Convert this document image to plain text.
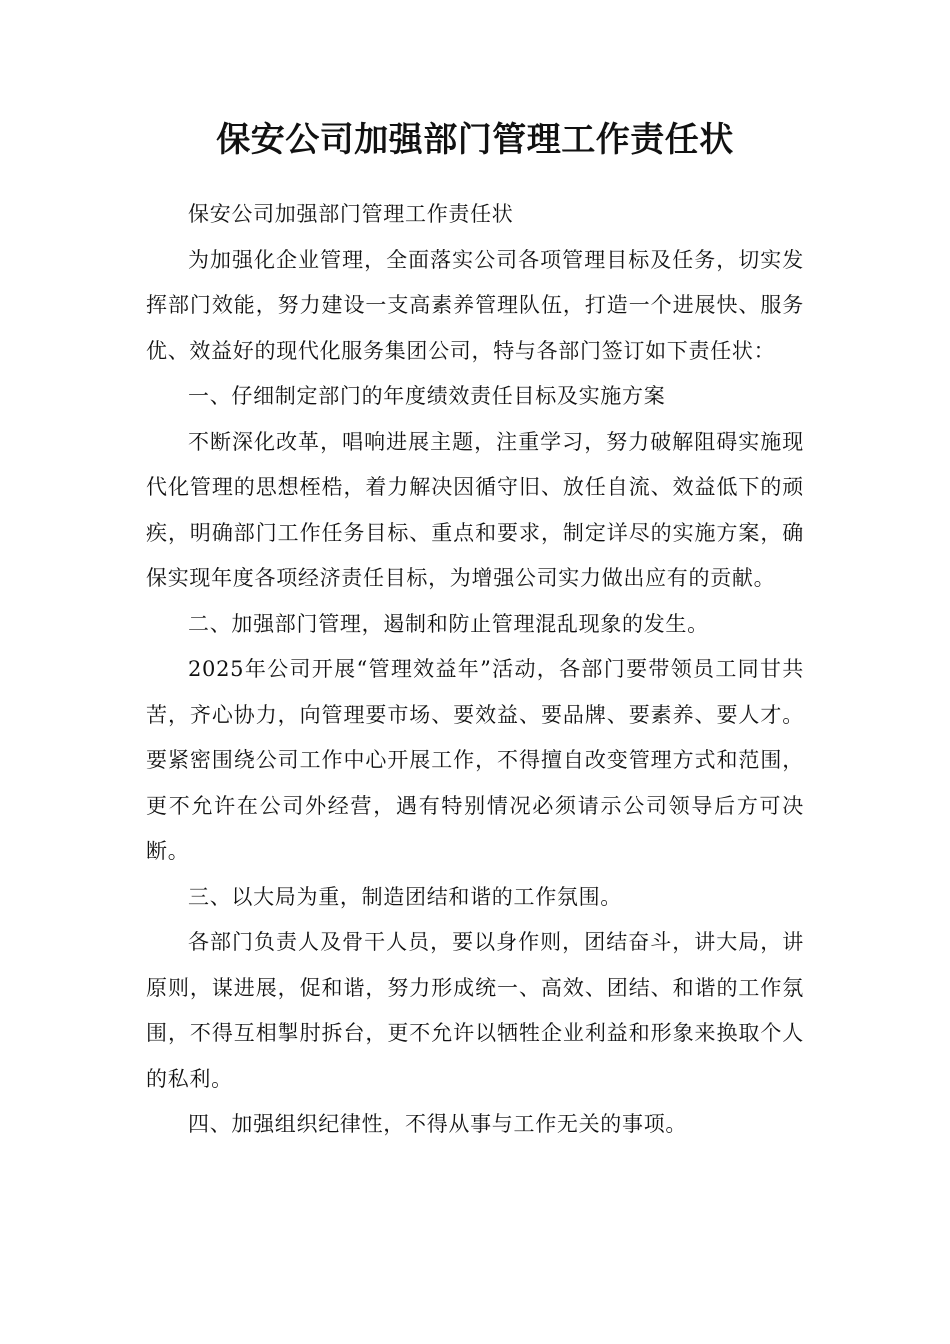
保安公司加强部门管理工作责任状

保安公司加强部门管理工作责任状

为加强化企业管理，全面落实公司各项管理目标及任务，切实发挥部门效能，努力建设一支高素养管理队伍，打造一个进展快、服务优、效益好的现代化服务集团公司，特与各部门签订如下责任状：

一、仔细制定部门的年度绩效责任目标及实施方案

不断深化改革，唱响进展主题，注重学习，努力破解阻碍实施现代化管理的思想桎梏，着力解决因循守旧、放任自流、效益低下的顽疾，明确部门工作任务目标、重点和要求，制定详尽的实施方案，确保实现年度各项经济责任目标，为增强公司实力做出应有的贡献。

二、加强部门管理，遏制和防止管理混乱现象的发生。

2025年公司开展“管理效益年”活动，各部门要带领员工同甘共苦，齐心协力，向管理要市场、要效益、要品牌、要素养、要人才。要紧密围绕公司工作中心开展工作，不得擅自改变管理方式和范围，更不允许在公司外经营，遇有特别情况必须请示公司领导后方可决断。

三、以大局为重，制造团结和谐的工作氛围。

各部门负责人及骨干人员，要以身作则，团结奋斗，讲大局，讲原则，谋进展，促和谐，努力形成统一、高效、团结、和谐的工作氛围，不得互相掣肘拆台，更不允许以牺牲企业利益和形象来换取个人的私利。

四、加强组织纪律性，不得从事与工作无关的事项。
